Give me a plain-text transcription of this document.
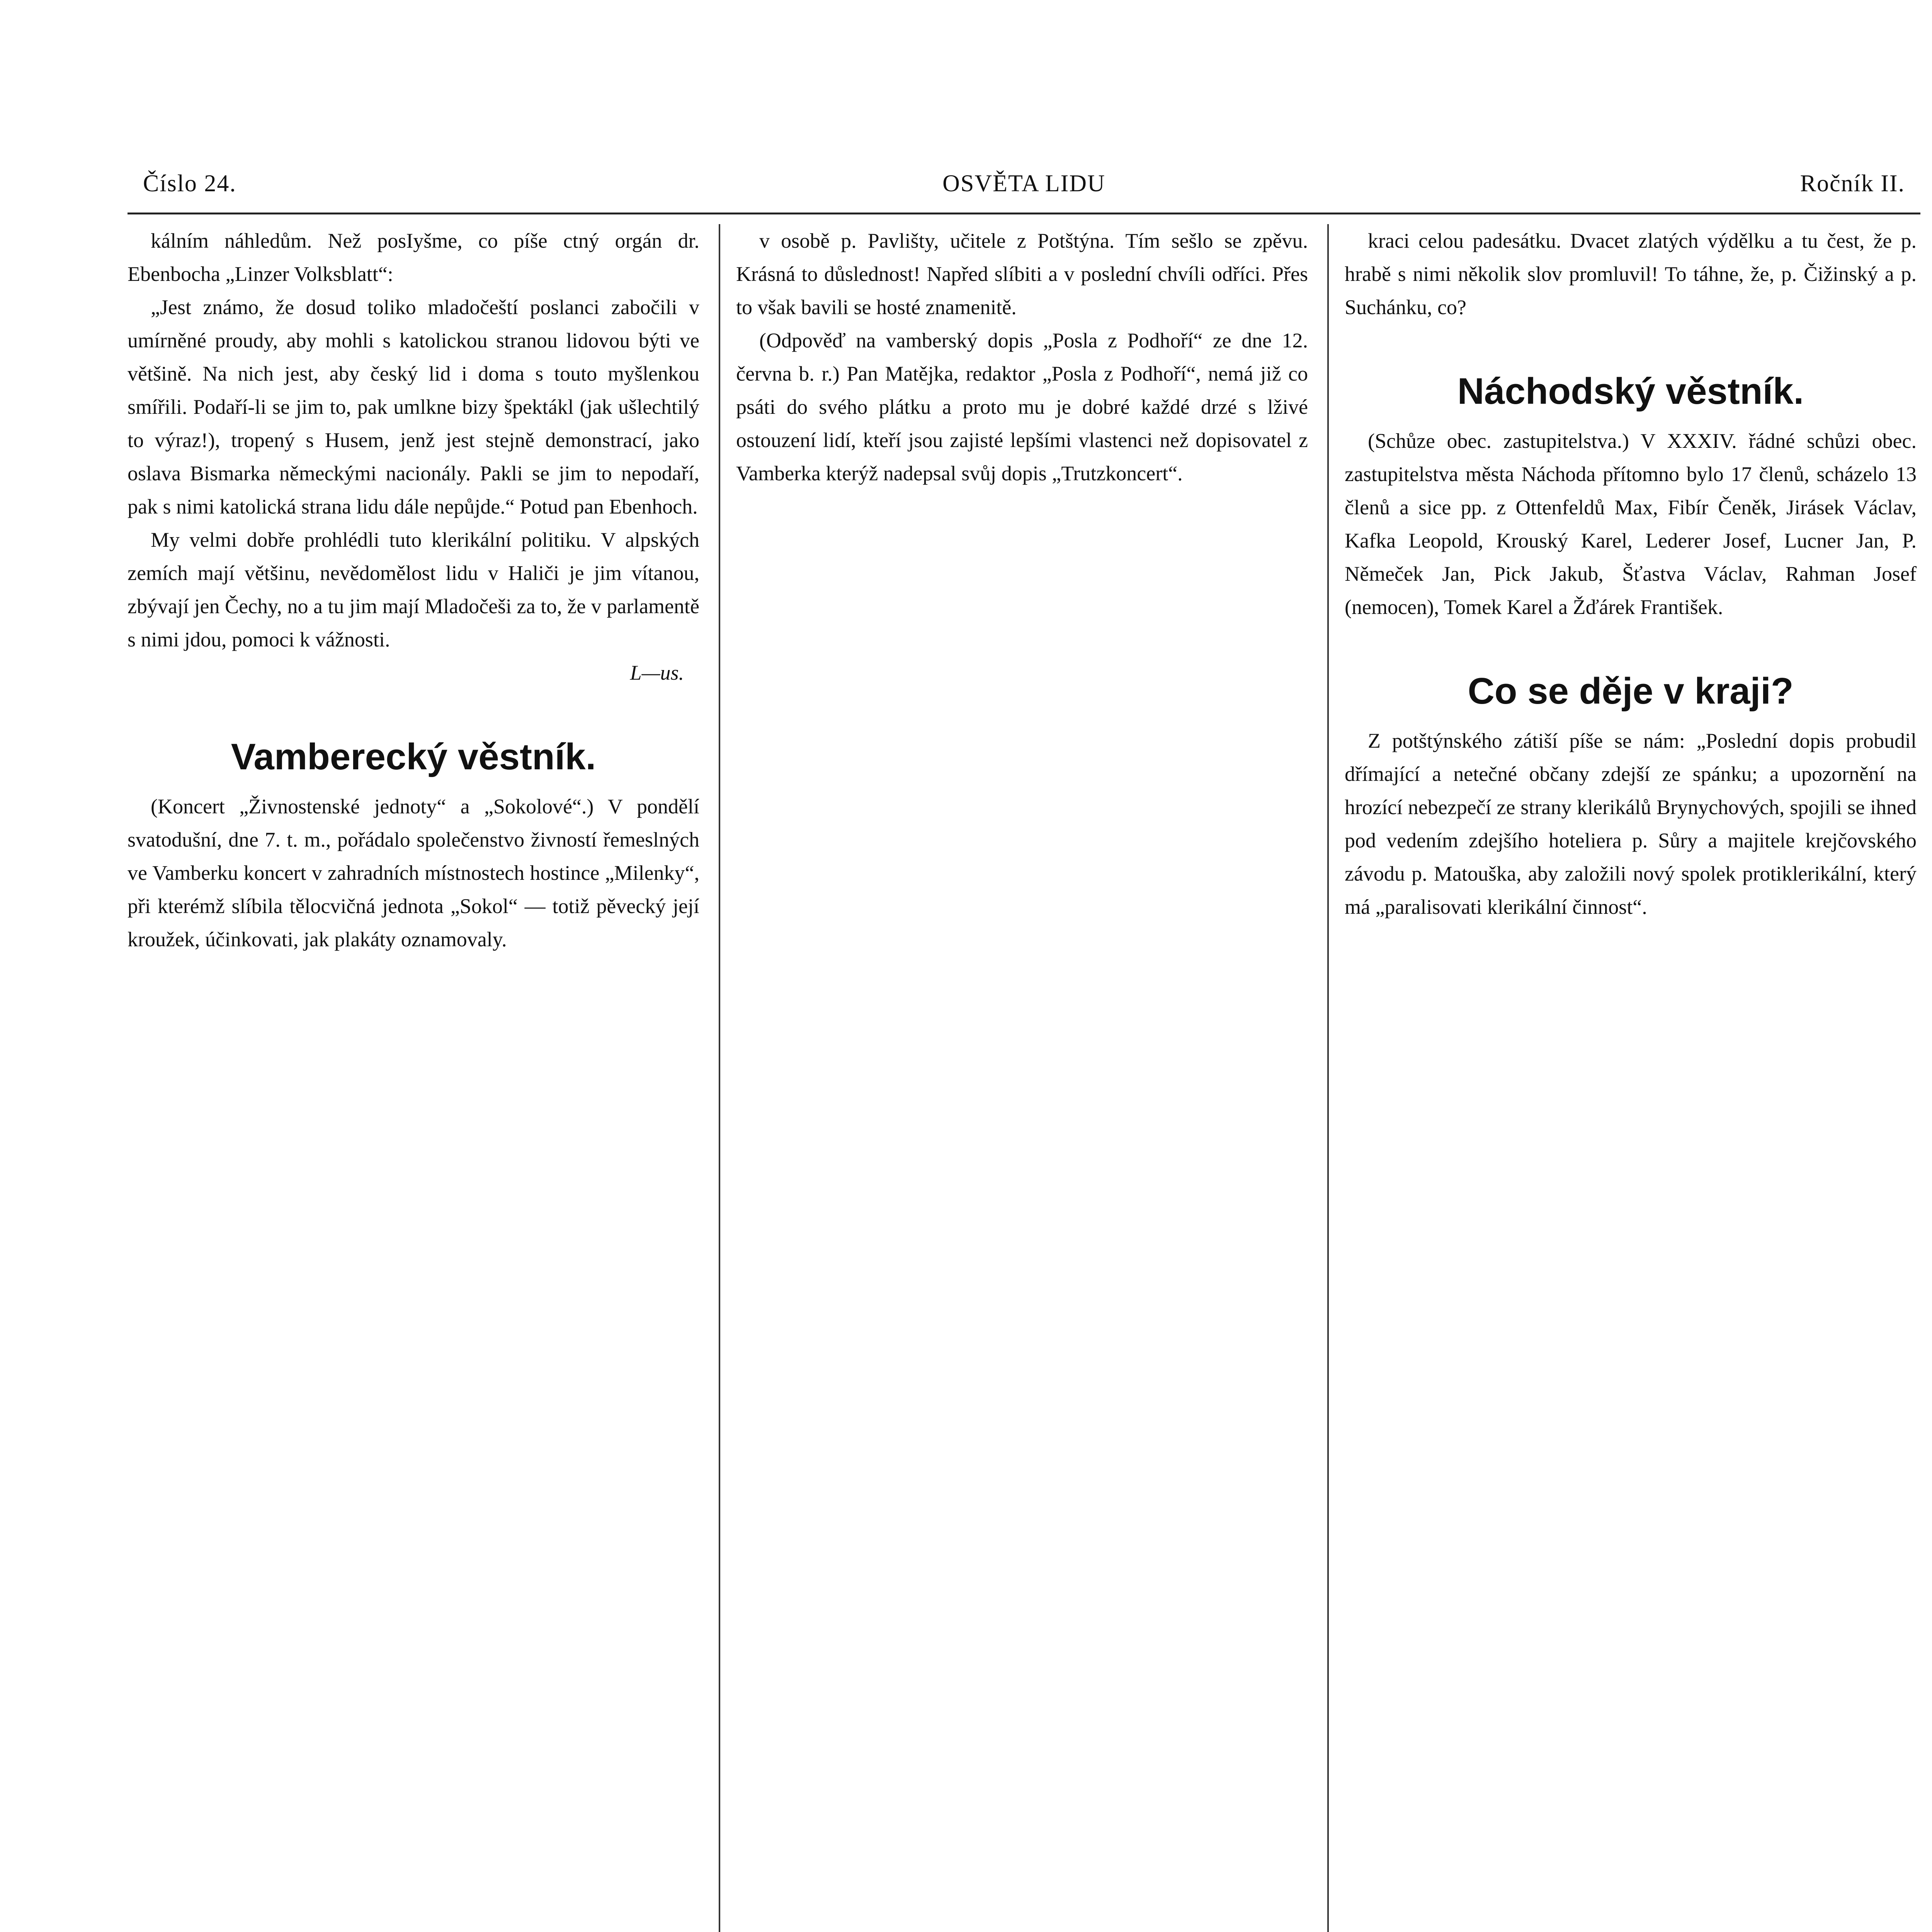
Číslo 24.	OSVĚTA LIDU	Ročník II.

kálním náhledům. Než posIyšme, co píše ctný orgán dr. Ebenbocha „Linzer Volksblatt“:

„Jest známo, že dosud toliko mladočeští poslanci zabočili v umírněné proudy, aby mohli s katolickou stranou lidovou býti ve většině. Na nich jest, aby český lid i doma s touto myšlenkou smířili. Podaří-li se jim to, pak umlkne bizy špektákl (jak ušlechtilý to výraz!), tropený s Husem, jenž jest stejně demonstrací, jako oslava Bismarka německými nacionály. Pakli se jim to nepodaří, pak s nimi katolická strana lidu dále nepůjde.“ Potud pan Ebenhoch.

My velmi dobře prohlédli tuto klerikální politiku. V alpských zemích mají většinu, nevědomělost lidu v Haliči je jim vítanou, zbývají jen Čechy, no a tu jim mají Mladočeši za to, že v parlamentě s nimi jdou, pomoci k vážnosti.

L—us.
Vamberecký věstník.

(Koncert „Živnostenské jednoty“ a „Sokolové“.) V pondělí svatodušní, dne 7. t. m., pořádalo společenstvo živností řemeslných ve Vamberku koncert v zahradních místnostech hostince „Milenky“, při kterémž slíbila tělocvičná jednota „Sokol“ — totiž pěvecký její kroužek, účinkovati, jak plakáty oznamovaly.

v osobě p. Pavlišty, učitele z Potštýna. Tím sešlo se zpěvu. Krásná to důslednost! Napřed slíbiti a v poslední chvíli odříci. Přes to však bavili se hosté znamenitě.

(Odpověď na vamberský dopis „Posla z Podhoří“ ze dne 12. června b. r.) Pan Matějka, redaktor „Posla z Podhoří“, nemá již co psáti do svého plátku a proto mu je dobré každé drzé s lživé ostouzení lidí, kteří jsou zajisté lepšími vlastenci než dopisovatel z Vamberka kterýž nadepsal svůj dopis „Trutzkoncert“.

kraci celou padesátku. Dvacet zlatých výdělku a tu čest, že p. hrabě s nimi několik slov promluvil! To táhne, že, p. Čižinský a p. Suchánku, co?

Náchodský věstník.

(Schůze obec. zastupitelstva.) V XXXIV. řádné schůzi obec. zastupitelstva města Náchoda přítomno bylo 17 členů, scházelo 13 členů a sice pp. z Ottenfeldů Max, Fibír Čeněk, Jirásek Václav, Kafka Leopold, Krouský Karel, Lederer Josef, Lucner Jan, P. Němeček Jan, Pick Jakub, Šťastva Václav, Rahman Josef (nemocen), Tomek Karel a Žďárek František.

Co se děje v kraji?

Z potštýnského zátiší píše se nám: „Poslední dopis probudil dřímající a netečné občany zdejší ze spánku; a upozornění na hrozící nebezpečí ze strany klerikálů Brynychových, spojili se ihned pod vedením zdejšího hoteliera p. Sůry a majitele krejčovského závodu p. Matouška, aby založili nový spolek protiklerikální, který má „paralisovati klerikální činnost“.
